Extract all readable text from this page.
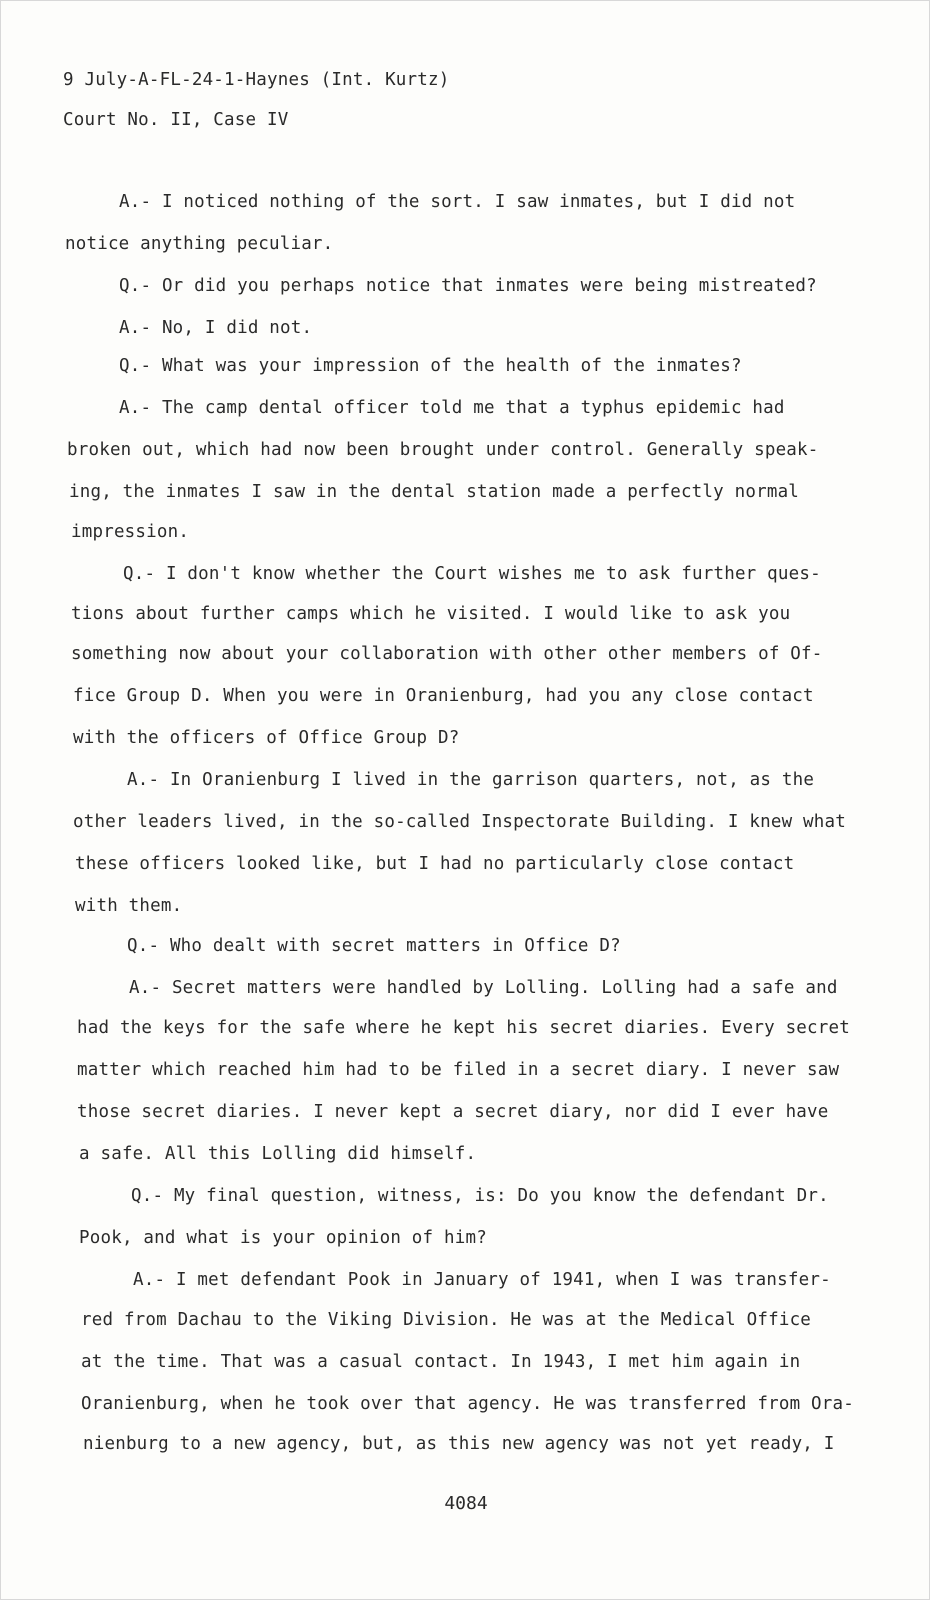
9 July-A-FL-24-1-Haynes (Int. Kurtz)
Court No. II, Case IV
A.- I noticed nothing of the sort. I saw inmates, but I did not
notice anything peculiar.
Q.- Or did you perhaps notice that inmates were being mistreated?
A.- No, I did not.
Q.- What was your impression of the health of the inmates?
A.- The camp dental officer told me that a typhus epidemic had
broken out, which had now been brought under control. Generally speak-
ing, the inmates I saw in the dental station made a perfectly normal
impression.
Q.- I don't know whether the Court wishes me to ask further ques-
tions about further camps which he visited. I would like to ask you
something now about your collaboration with other other members of Of-
fice Group D. When you were in Oranienburg, had you any close contact
with the officers of Office Group D?
A.- In Oranienburg I lived in the garrison quarters, not, as the
other leaders lived, in the so-called Inspectorate Building. I knew what
these officers looked like, but I had no particularly close contact
with them.
Q.- Who dealt with secret matters in Office D?
A.- Secret matters were handled by Lolling. Lolling had a safe and
had the keys for the safe where he kept his secret diaries. Every secret
matter which reached him had to be filed in a secret diary. I never saw
those secret diaries. I never kept a secret diary, nor did I ever have
a safe. All this Lolling did himself.
Q.- My final question, witness, is: Do you know the defendant Dr.
Pook, and what is your opinion of him?
A.- I met defendant Pook in January of 1941, when I was transfer-
red from Dachau to the Viking Division. He was at the Medical Office
at the time. That was a casual contact. In 1943, I met him again in
Oranienburg, when he took over that agency. He was transferred from Ora-
nienburg to a new agency, but, as this new agency was not yet ready, I
4084
